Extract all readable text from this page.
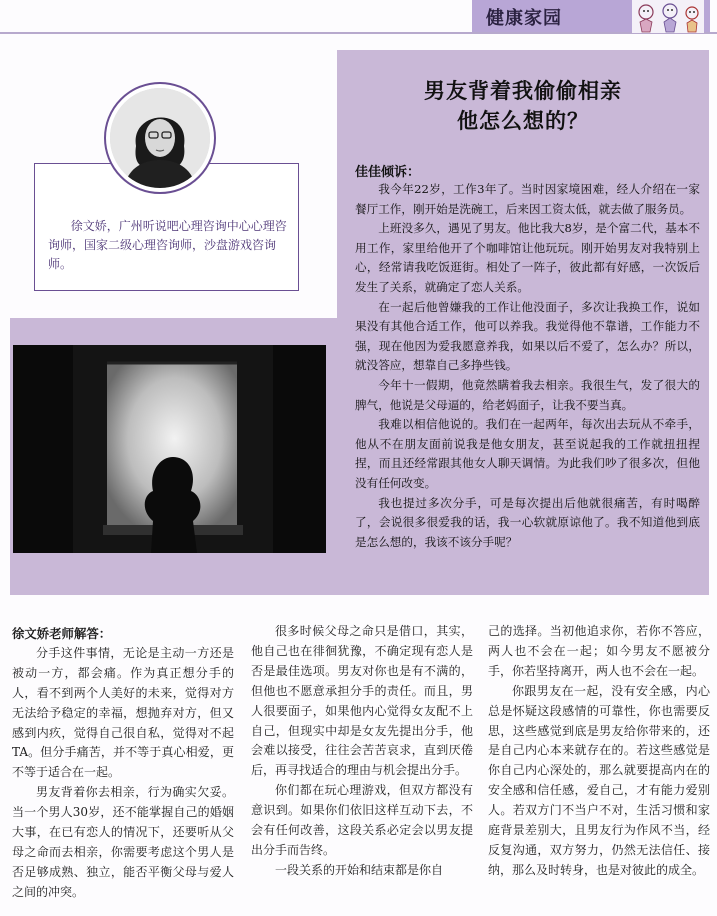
健康家园
男友背着我偷偷相亲
他怎么想的？
佳佳倾诉：

我今年22岁，工作3年了。当时因家境困难，经人介绍在一家餐厅工作，刚开始是洗碗工，后来因工资太低，就去做了服务员。

上班没多久，遇见了男友。他比我大8岁，是个富二代，基本不用工作，家里给他开了个咖啡馆让他玩玩。刚开始男友对我特别上心，经常请我吃饭逛街。相处了一阵子，彼此都有好感，一次饭后发生了关系，就确定了恋人关系。

在一起后他曾嫌我的工作让他没面子，多次让我换工作，说如果没有其他合适工作，他可以养我。我觉得他不靠谱，工作能力不强，现在他因为爱我愿意养我，如果以后不爱了，怎么办？所以，就没答应，想靠自己多挣些钱。

今年十一假期，他竟然瞒着我去相亲。我很生气，发了很大的脾气，他说是父母逼的，给老妈面子，让我不要当真。

我难以相信他说的。我们在一起两年，每次出去玩从不牵手，他从不在朋友面前说我是他女朋友，甚至说起我的工作就扭扭捏捏，而且还经常跟其他女人聊天调情。为此我们吵了很多次，但他没有任何改变。

我也提过多次分手，可是每次提出后他就很痛苦，有时喝醉了，会说很多很爱我的话，我一心软就原谅他了。我不知道他到底是怎么想的，我该不该分手呢？

徐文娇，广州听说吧心理咨询中心心理咨询师，国家二级心理咨询师，沙盘游戏咨询师。

徐文娇老师解答：

分手这件事情，无论是主动一方还是被动一方，都会痛。作为真正想分手的人，看不到两个人美好的未来，觉得对方无法给予稳定的幸福，想抛弃对方，但又感到内疚，觉得自己很自私，觉得对不起TA。但分手痛苦，并不等于真心相爱，更不等于适合在一起。

男友背着你去相亲，行为确实欠妥。当一个男人30岁，还不能掌握自己的婚姻大事，在已有恋人的情况下，还要听从父母之命而去相亲，你需要考虑这个男人是否足够成熟、独立，能否平衡父母与爱人之间的冲突。

很多时候父母之命只是借口，其实，他自己也在徘徊犹豫，不确定现有恋人是否是最佳选项。男友对你也是有不满的，但他也不愿意承担分手的责任。而且，男人很要面子，如果他内心觉得女友配不上自己，但现实中却是女友先提出分手，他会难以接受，往往会苦苦哀求，直到厌倦后，再寻找适合的理由与机会提出分手。

你们都在玩心理游戏，但双方都没有意识到。如果你们依旧这样互动下去，不会有任何改善，这段关系必定会以男友提出分手而告终。

一段关系的开始和结束都是你自

己的选择。当初他追求你，若你不答应，两人也不会在一起；如今男友不愿被分手，你若坚持离开，两人也不会在一起。

你跟男友在一起，没有安全感，内心总是怀疑这段感情的可靠性，你也需要反思，这些感觉到底是男友给你带来的，还是自己内心本来就存在的。若这些感觉是你自己内心深处的，那么就要提高内在的安全感和信任感，爱自己，才有能力爱别人。若双方门不当户不对，生活习惯和家庭背景差别大，且男友行为作风不当，经反复沟通，双方努力，仍然无法信任、接纳，那么及时转身，也是对彼此的成全。
